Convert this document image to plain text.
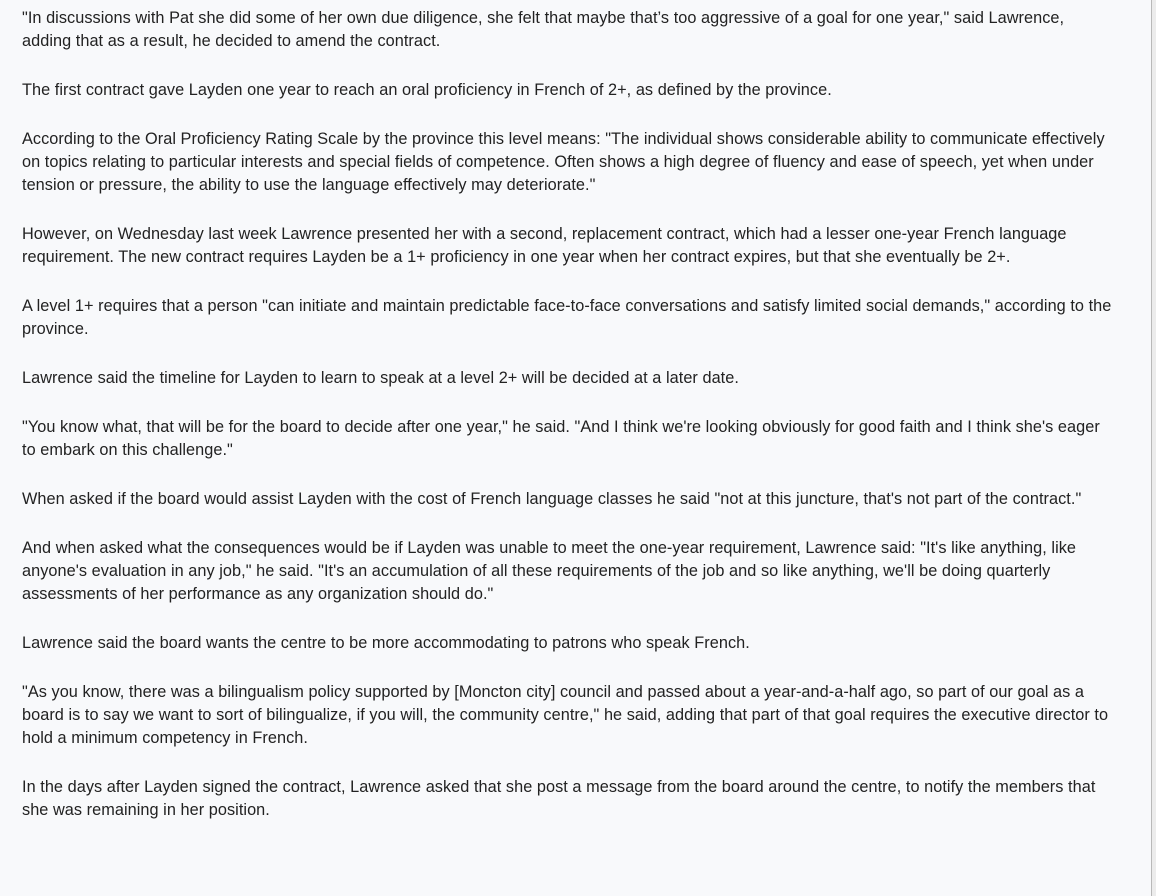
"In discussions with Pat she did some of her own due diligence, she felt that maybe that’s too aggressive of a goal for one year," said Lawrence, adding that as a result, he decided to amend the contract.

The first contract gave Layden one year to reach an oral proficiency in French of 2+, as defined by the province.

According to the Oral Proficiency Rating Scale by the province this level means: "The individual shows considerable ability to communicate effectively on topics relating to particular interests and special fields of competence. Often shows a high degree of fluency and ease of speech, yet when under tension or pressure, the ability to use the language effectively may deteriorate."

However, on Wednesday last week Lawrence presented her with a second, replacement contract, which had a lesser one-year French language requirement. The new contract requires Layden be a 1+ proficiency in one year when her contract expires, but that she eventually be 2+.

A level 1+ requires that a person "can initiate and maintain predictable face-to-face conversations and satisfy limited social demands," according to the province.

Lawrence said the timeline for Layden to learn to speak at a level 2+ will be decided at a later date.

"You know what, that will be for the board to decide after one year," he said. "And I think we're looking obviously for good faith and I think she's eager to embark on this challenge."

When asked if the board would assist Layden with the cost of French language classes he said "not at this juncture, that's not part of the contract."

And when asked what the consequences would be if Layden was unable to meet the one-year requirement, Lawrence said: "It's like anything, like anyone's evaluation in any job," he said. "It's an accumulation of all these requirements of the job and so like anything, we'll be doing quarterly assessments of her performance as any organization should do."

Lawrence said the board wants the centre to be more accommodating to patrons who speak French.

"As you know, there was a bilingualism policy supported by [Moncton city] council and passed about a year-and-a-half ago, so part of our goal as a board is to say we want to sort of bilingualize, if you will, the community centre," he said, adding that part of that goal requires the executive director to hold a minimum competency in French.

In the days after Layden signed the contract, Lawrence asked that she post a message from the board around the centre, to notify the members that she was remaining in her position.
